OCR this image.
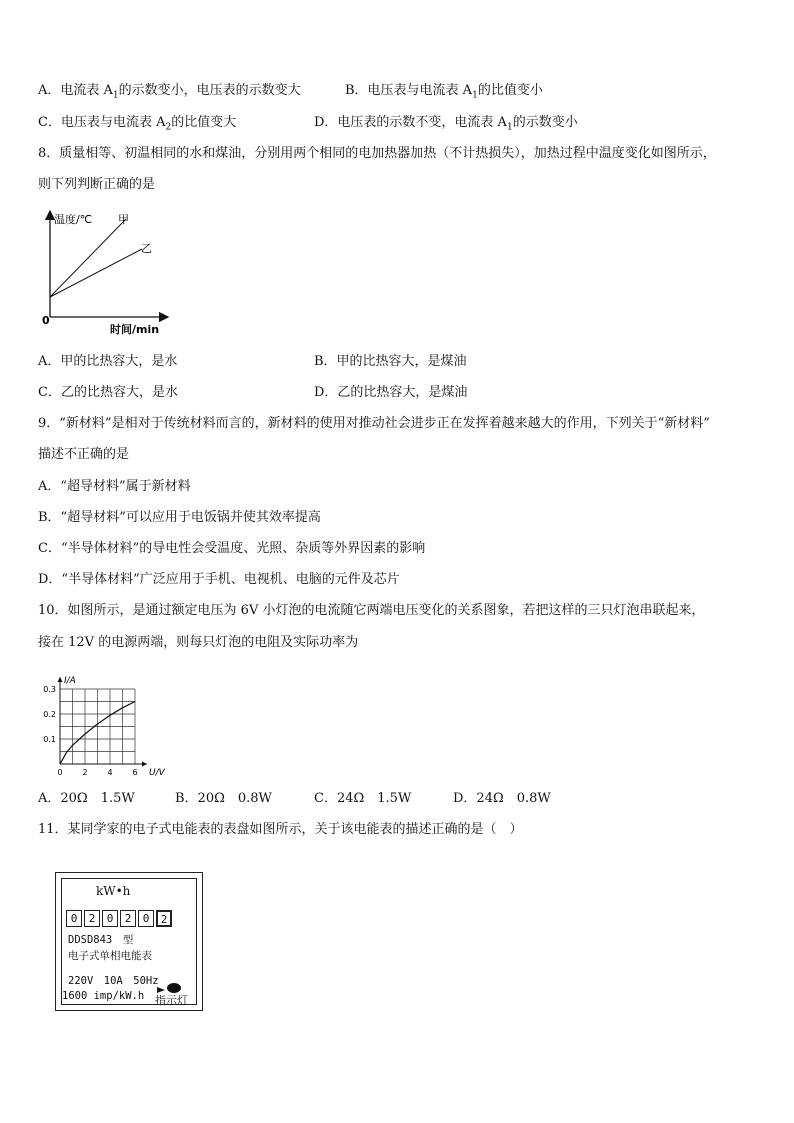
A．电流表 $A_1$的示数变小，电压表的示数变大	B．电压表与电流表 $A_1$的比值变小
C．电压表与电流表 $A_2$的比值变大	D．电压表的示数不变，电流表 $A_1$的示数变小
8．质量相等、初温相同的水和煤油，分别用两个相同的电加热器加热（不计热损失），加热过程中温度变化如图所示，
则下列判断正确的是
温度/℃ 甲
乙
0
时间/min
A．甲的比热容大，是水	B．甲的比热容大，是煤油
C．乙的比热容大，是水	D．乙的比热容大，是煤油
9．“新材料”是相对于传统材料而言的，新材料的使用对推动社会进步正在发挥着越来越大的作用，下列关于“新材料”
描述不正确的是
A．“超导材料”属于新材料
B．“超导材料”可以应用于电饭锅并使其效率提高
C．“半导体材料”的导电性会受温度、光照、杂质等外界因素的影响
D．“半导体材料”广泛应用于手机、电视机、电脑的元件及芯片
10．如图所示，是通过额定电压为 6V 小灯泡的电流随它两端电压变化的关系图象，若把这样的三只灯泡串联起来，
接在 12V 的电源两端，则每只灯泡的电阻及实际功率为
0 2 4 6
0.1
0.2
0.3
I/A
U/V
A．20Ω　1.5W	B．20Ω　0.8W	C．24Ω　1.5W	D．24Ω　0.8W
11．某同学家的电子式电能表的表盘如图所示，关于该电能表的描述正确的是（　）
kW•h
0	2	0	2	0	2
DDSD843　型
电子式单相电能表
220V　10A　50Hz
1600 imp/kW.h 指示灯
